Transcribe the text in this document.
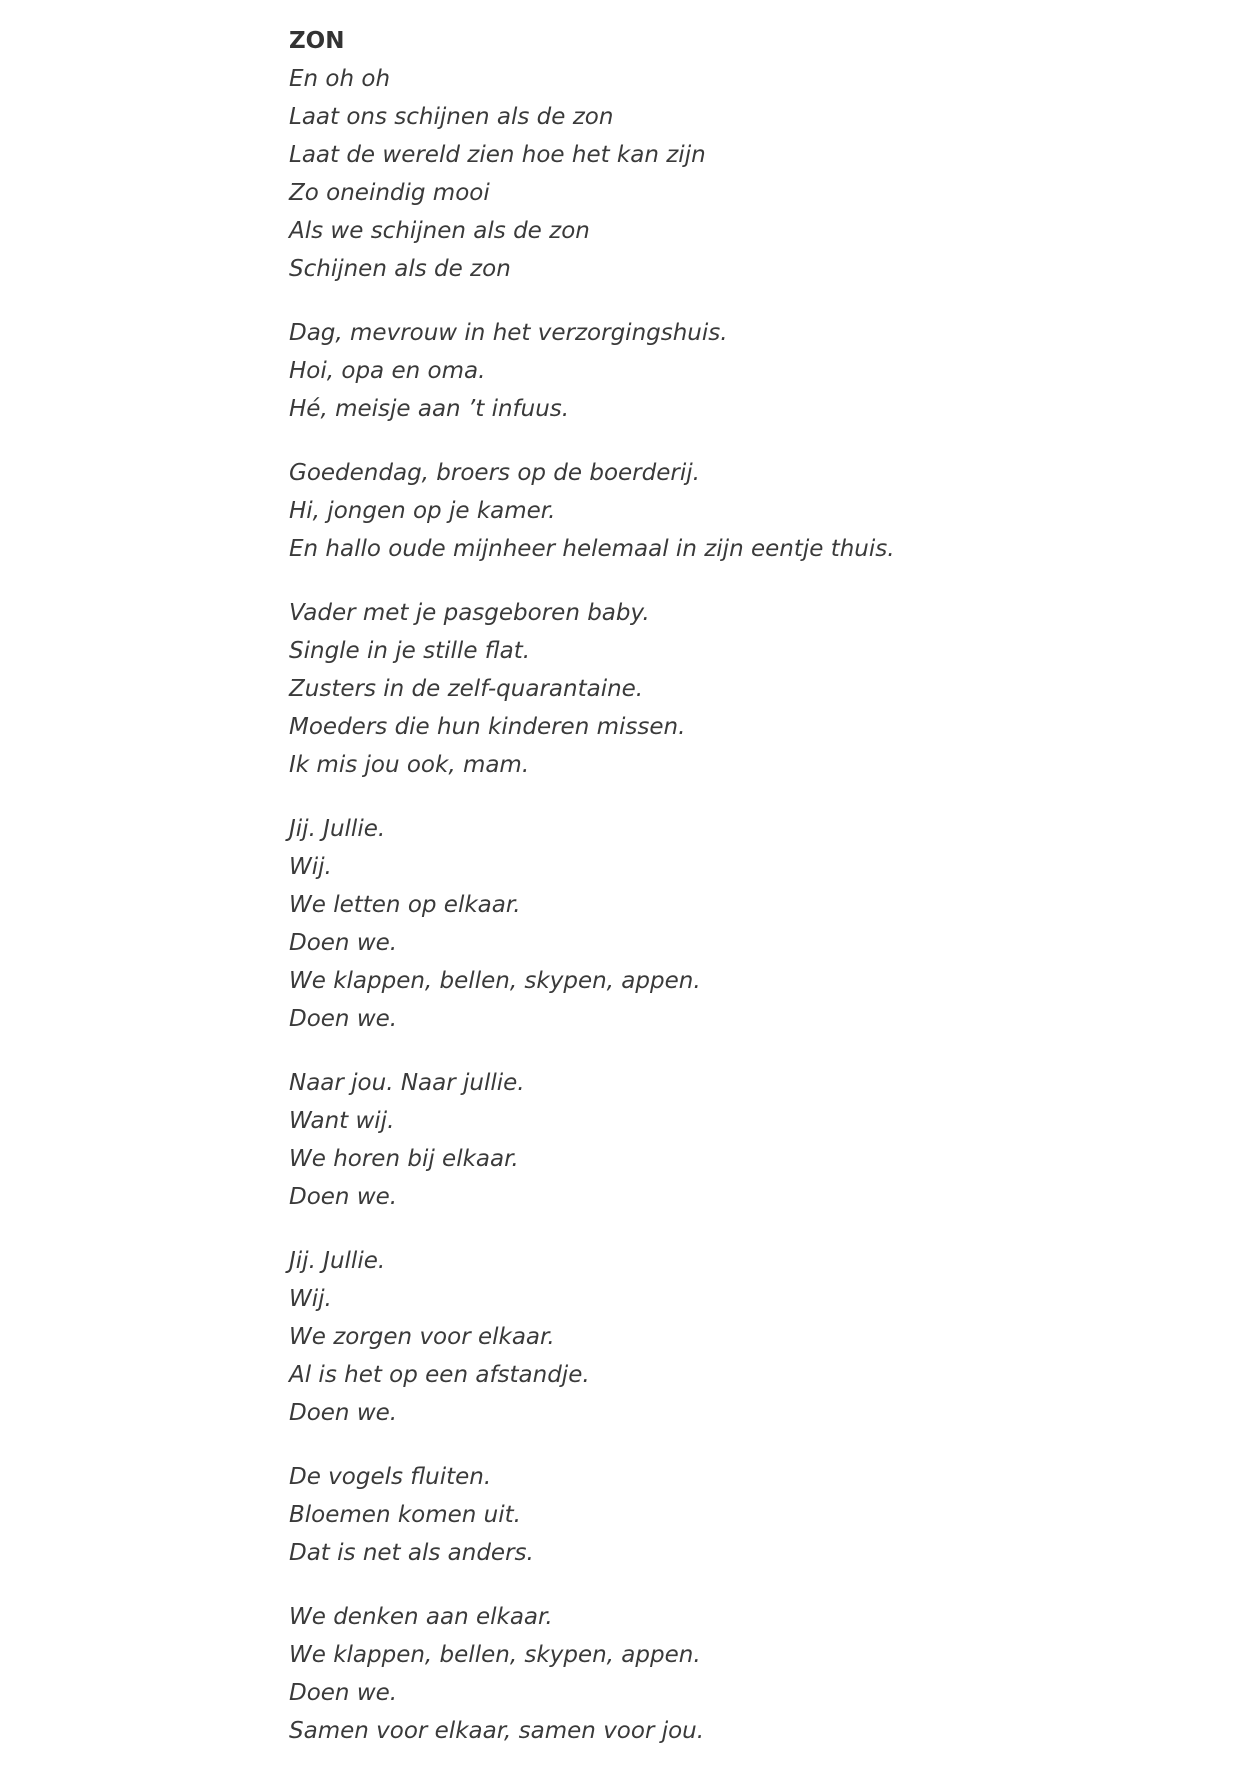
ZON
En oh oh
Laat ons schijnen als de zon
Laat de wereld zien hoe het kan zijn
Zo oneindig mooi
Als we schijnen als de zon
Schijnen als de zon
Dag, mevrouw in het verzorgingshuis.
Hoi, opa en oma.
Hé, meisje aan ’t infuus.
Goedendag, broers op de boerderij.
Hi, jongen op je kamer.
En hallo oude mijnheer helemaal in zijn eentje thuis.
Vader met je pasgeboren baby.
Single in je stille flat.
Zusters in de zelf-quarantaine.
Moeders die hun kinderen missen.
Ik mis jou ook, mam.
Jij. Jullie.
Wij.
We letten op elkaar.
Doen we.
We klappen, bellen, skypen, appen.
Doen we.
Naar jou. Naar jullie.
Want wij.
We horen bij elkaar.
Doen we.
Jij. Jullie.
Wij.
We zorgen voor elkaar.
Al is het op een afstandje.
Doen we.
De vogels fluiten.
Bloemen komen uit.
Dat is net als anders.
We denken aan elkaar.
We klappen, bellen, skypen, appen.
Doen we.
Samen voor elkaar, samen voor jou.
